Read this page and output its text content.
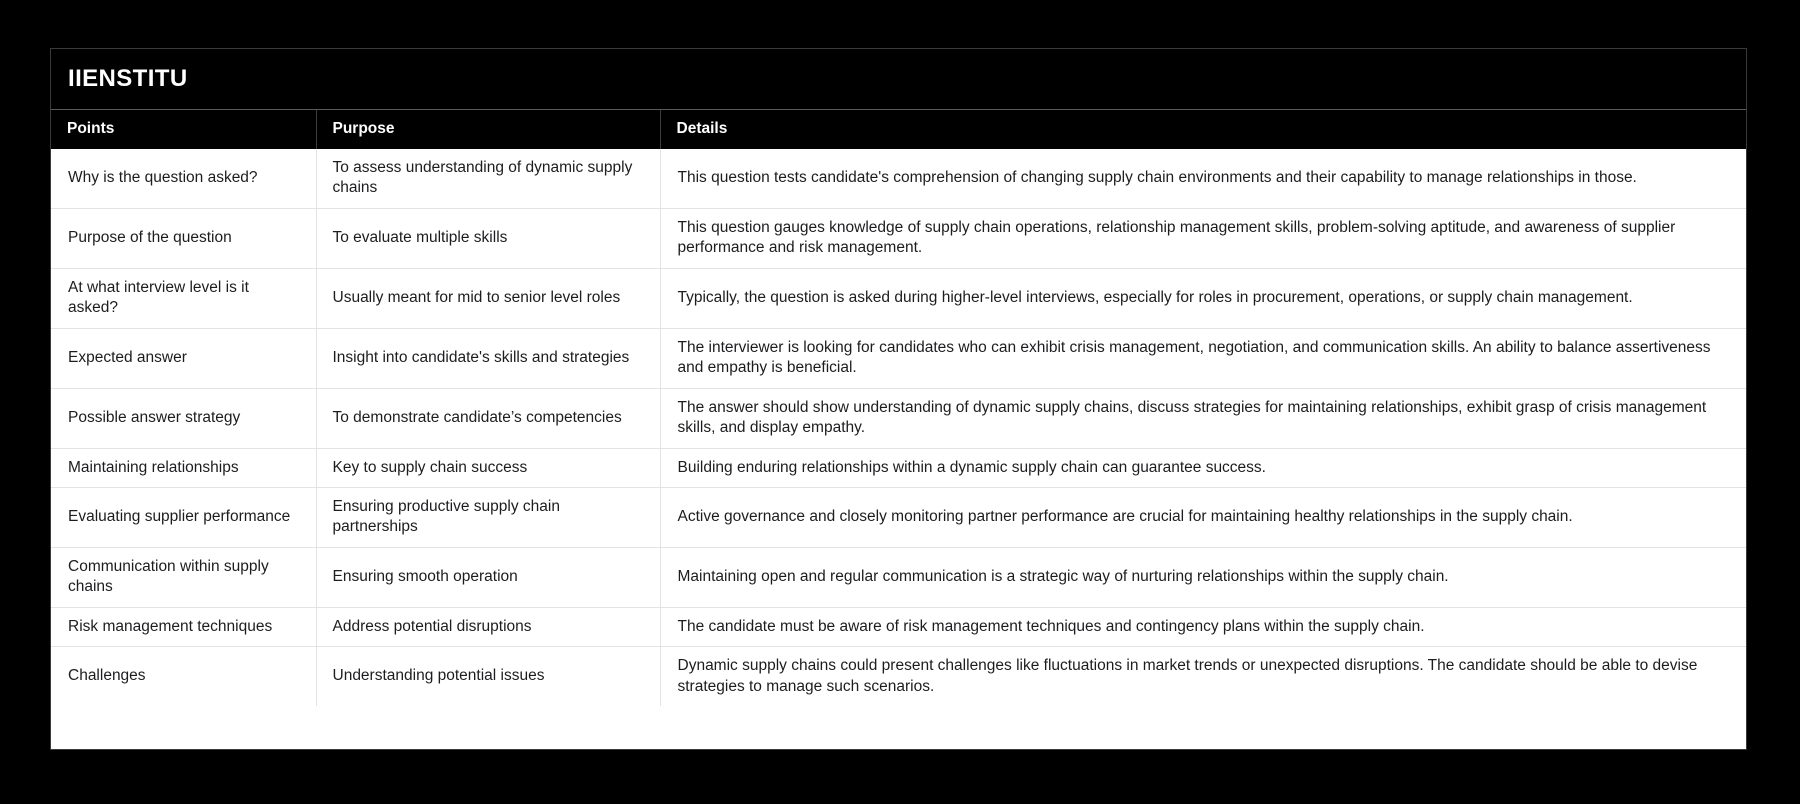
IIENSTITU
Points	Purpose	Details
Why is the question asked?	To assess understanding of dynamic supply chains	This question tests candidate's comprehension of changing supply chain environments and their capability to manage relationships in those.
Purpose of the question	To evaluate multiple skills	This question gauges knowledge of supply chain operations, relationship management skills, problem-solving aptitude, and awareness of supplier performance and risk management.
At what interview level is it asked?	Usually meant for mid to senior level roles	Typically, the question is asked during higher-level interviews, especially for roles in procurement, operations, or supply chain management.
Expected answer	Insight into candidate's skills and strategies	The interviewer is looking for candidates who can exhibit crisis management, negotiation, and communication skills. An ability to balance assertiveness and empathy is beneficial.
Possible answer strategy	To demonstrate candidate’s competencies	The answer should show understanding of dynamic supply chains, discuss strategies for maintaining relationships, exhibit grasp of crisis management skills, and display empathy.
Maintaining relationships	Key to supply chain success	Building enduring relationships within a dynamic supply chain can guarantee success.
Evaluating supplier performance	Ensuring productive supply chain partnerships	Active governance and closely monitoring partner performance are crucial for maintaining healthy relationships in the supply chain.
Communication within supply chains	Ensuring smooth operation	Maintaining open and regular communication is a strategic way of nurturing relationships within the supply chain.
Risk management techniques	Address potential disruptions	The candidate must be aware of risk management techniques and contingency plans within the supply chain.
Challenges	Understanding potential issues	Dynamic supply chains could present challenges like fluctuations in market trends or unexpected disruptions. The candidate should be able to devise strategies to manage such scenarios.
